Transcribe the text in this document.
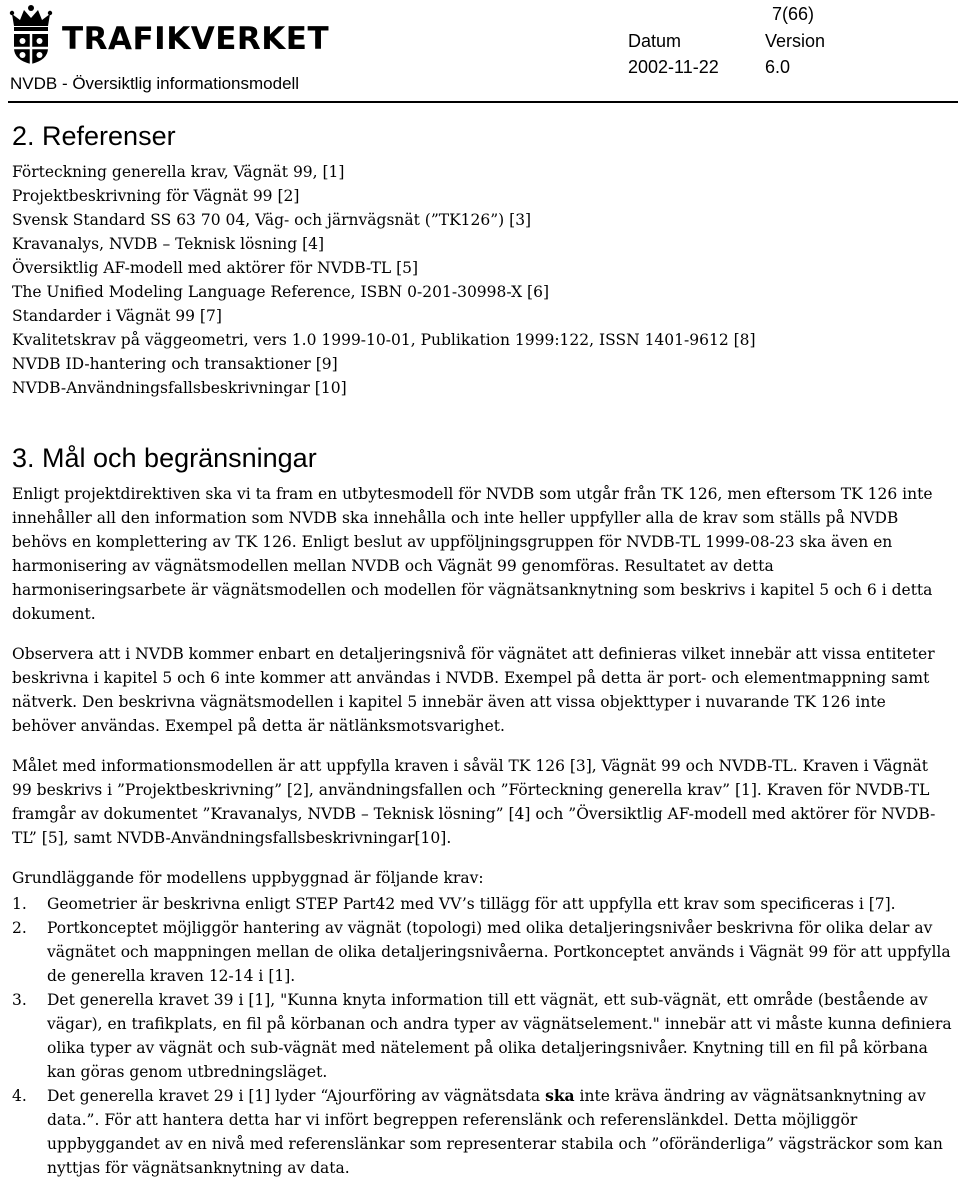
TRAFIKVERKET
NVDB - Översiktlig informationsmodell
7(66)
Datum
2002-11-22
Version
6.0
2. Referenser
Förteckning generella krav, Vägnät 99, [1]
Projektbeskrivning för Vägnät 99 [2]
Svensk Standard SS 63 70 04, Väg- och järnvägsnät (”TK126”) [3]
Kravanalys, NVDB – Teknisk lösning [4]
Översiktlig AF-modell med aktörer för NVDB-TL [5]
The Unified Modeling Language Reference, ISBN 0-201-30998-X [6]
Standarder i Vägnät 99 [7]
Kvalitetskrav på väggeometri, vers 1.0 1999-10-01, Publikation 1999:122, ISSN 1401-9612 [8]
NVDB ID-hantering och transaktioner [9]
NVDB-Användningsfallsbeskrivningar [10]
3. Mål och begränsningar

Enligt projektdirektiven ska vi ta fram en utbytesmodell för NVDB som utgår från TK 126, men eftersom TK 126 inte innehåller all den information som NVDB ska innehålla och inte heller uppfyller alla de krav som ställs på NVDB behövs en komplettering av TK 126. Enligt beslut av uppföljningsgruppen för NVDB-TL 1999-08-23 ska även en harmonisering av vägnätsmodellen mellan NVDB och Vägnät 99 genomföras. Resultatet av detta harmoniseringsarbete är vägnätsmodellen och modellen för vägnätsanknytning som beskrivs i kapitel 5 och 6 i detta dokument.

Observera att i NVDB kommer enbart en detaljeringsnivå för vägnätet att definieras vilket innebär att vissa entiteter beskrivna i kapitel 5 och 6 inte kommer att användas i NVDB. Exempel på detta är port- och elementmappning samt nätverk. Den beskrivna vägnätsmodellen i kapitel 5 innebär även att vissa objekttyper i nuvarande TK 126 inte behöver användas. Exempel på detta är nätlänksmotsvarighet.

Målet med informationsmodellen är att uppfylla kraven i såväl TK 126 [3], Vägnät 99 och NVDB-TL. Kraven i Vägnät 99 beskrivs i ”Projektbeskrivning” [2], användningsfallen och ”Förteckning generella krav” [1]. Kraven för NVDB-TL framgår av dokumentet ”Kravanalys, NVDB – Teknisk lösning” [4] och ”Översiktlig AF-modell med aktörer för NVDB-TL” [5], samt NVDB-Användningsfallsbeskrivningar[10].

Grundläggande för modellens uppbyggnad är följande krav:

1. Geometrier är beskrivna enligt STEP Part42 med VV’s tillägg för att uppfylla ett krav som specificeras i [7].
2. Portkonceptet möjliggör hantering av vägnät (topologi) med olika detaljeringsnivåer beskrivna för olika delar av vägnätet och mappningen mellan de olika detaljeringsnivåerna. Portkonceptet används i Vägnät 99 för att uppfylla de generella kraven 12-14 i [1].
3. Det generella kravet 39 i [1], "Kunna knyta information till ett vägnät, ett sub-vägnät, ett område (bestående av vägar), en trafikplats, en fil på körbanan och andra typer av vägnätselement." innebär att vi måste kunna definiera olika typer av vägnät och sub-vägnät med nätelement på olika detaljeringsnivåer. Knytning till en fil på körbana kan göras genom utbredningsläget.
4. Det generella kravet 29 i [1] lyder “Ajourföring av vägnätsdata ska inte kräva ändring av vägnätsanknytning av data.”. För att hantera detta har vi infört begreppen referenslänk och referenslänkdel. Detta möjliggör uppbyggandet av en nivå med referenslänkar som representerar stabila och ”oföränderliga” vägsträckor som kan nyttjas för vägnätsanknytning av data.
